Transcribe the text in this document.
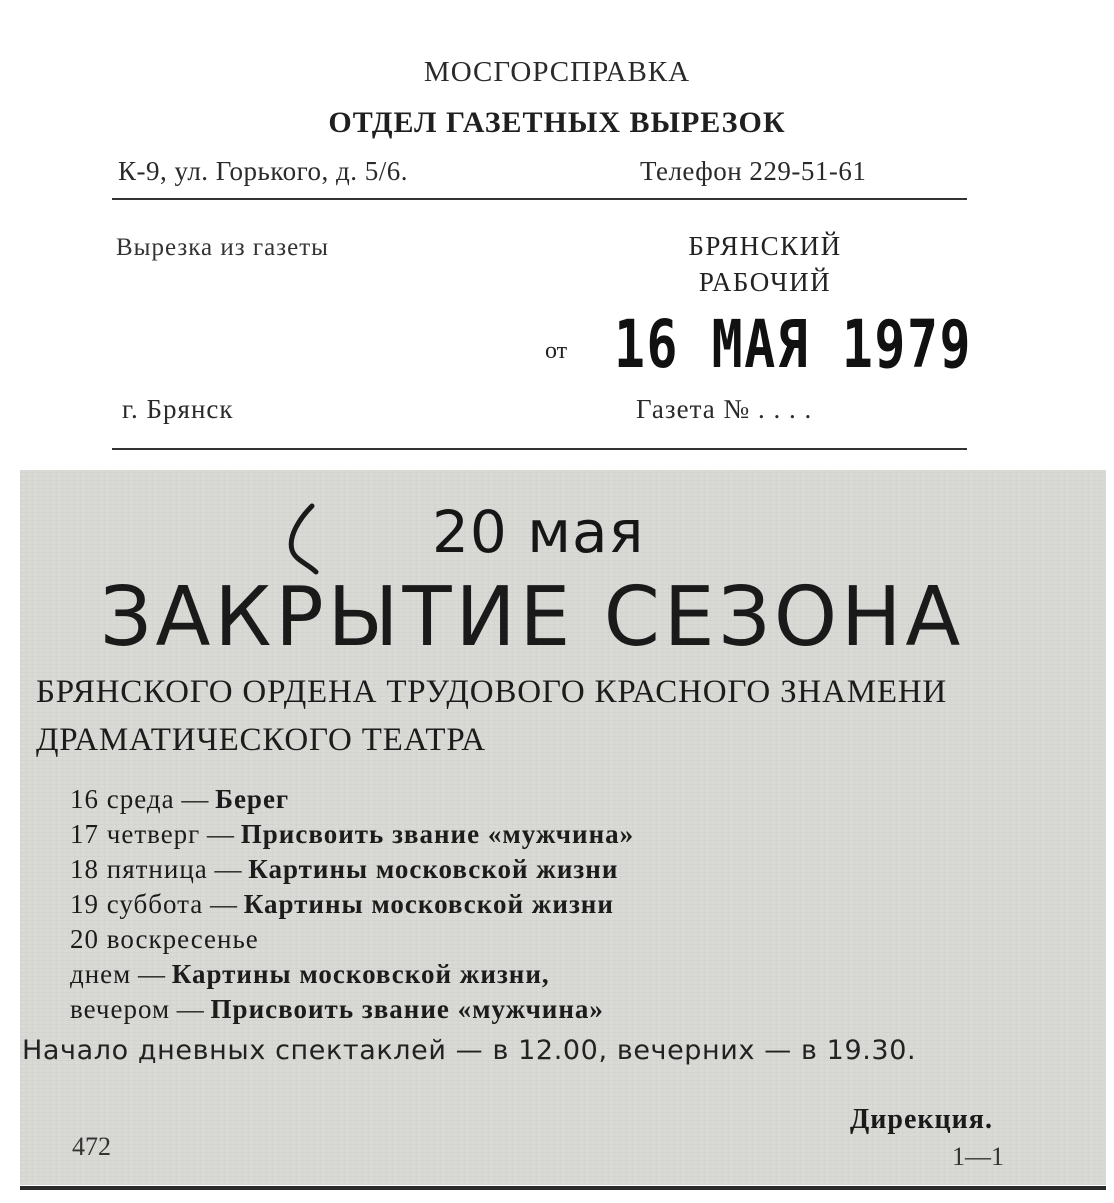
МОСГОРСПРАВКА
ОТДЕЛ ГАЗЕТНЫХ ВЫРЕЗОК
К-9, ул. Горького, д. 5/6.	Телефон 229-51-61
Вырезка из газеты	БРЯНСКИЙ
РАБОЧИЙ
от 16 МАЯ 1979
г. Брянск	Газета № . . . .
20 мая
ЗАКРЫТИЕ СЕЗОНА
БРЯНСКОГО ОРДЕНА ТРУДОВОГО КРАСНОГО ЗНАМЕНИ ДРАМАТИЧЕСКОГО ТЕАТРА
16 среда — Берег
17 четверг — Присвоить звание «мужчина»
18 пятница — Картины московской жизни
19 суббота — Картины московской жизни
20 воскресенье
днем — Картины московской жизни,
вечером — Присвоить звание «мужчина»
Начало дневных спектаклей — в 12.00, вечерних — в 19.30.
Дирекция.
472	1—1
